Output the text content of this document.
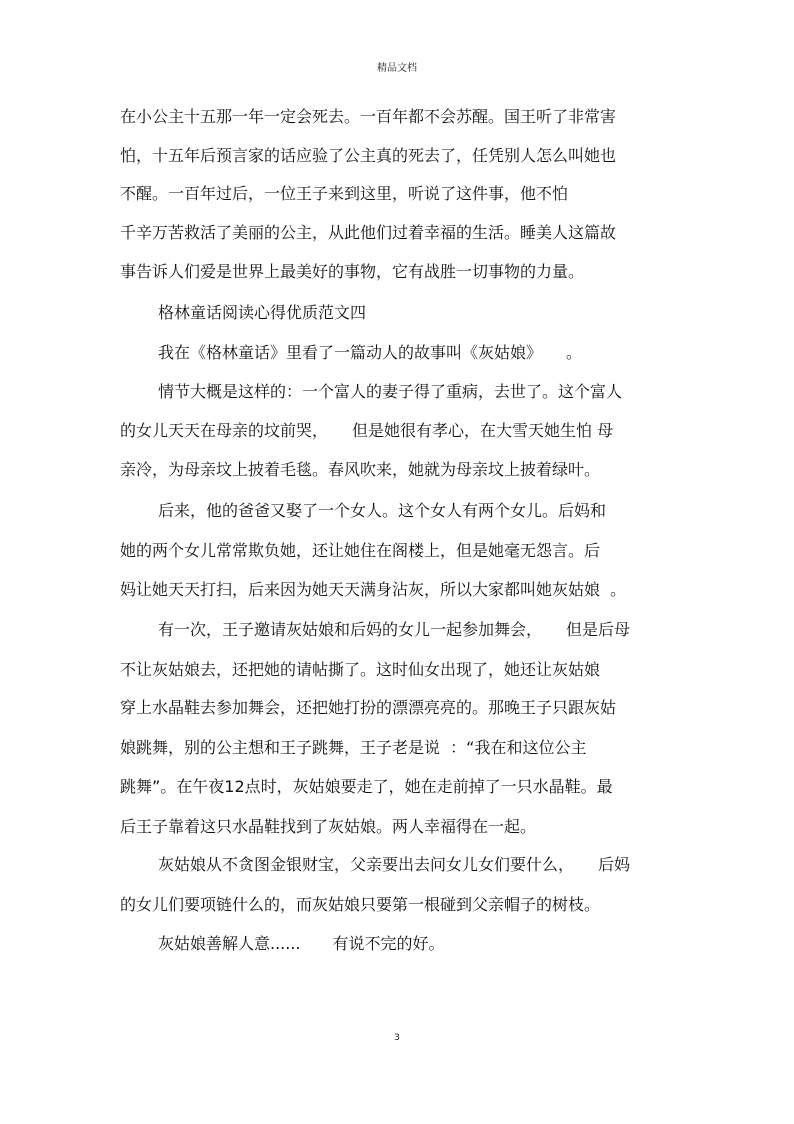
精品文档
在小公主十五那一年一定会死去。一百年都不会苏醒。国王听了非常害
怕，十五年后预言家的话应验了公主真的死去了，任凭别人怎么叫她也
不醒。一百年过后，一位王子来到这里，听说了这件事，他不怕
千辛万苦救活了美丽的公主，从此他们过着幸福的生活。睡美人这篇故
事告诉人们爱是世界上最美好的事物，它有战胜一切事物的力量。
格林童话阅读心得优质范文四
我在《格林童话》里看了一篇动人的故事叫《灰姑娘》　　。
情节大概是这样的：一个富人的妻子得了重病，去世了。这个富人
的女儿天天在母亲的坟前哭，　　但是她很有孝心，在大雪天她生怕 母
亲冷，为母亲坟上披着毛毯。春风吹来，她就为母亲坟上披着绿叶。
后来，他的爸爸又娶了一个女人。这个女人有两个女儿。后妈和
她的两个女儿常常欺负她，还让她住在阁楼上，但是她毫无怨言。后
妈让她天天打扫，后来因为她天天满身沾灰，所以大家都叫她灰姑娘  。
有一次，王子邀请灰姑娘和后妈的女儿一起参加舞会，　　但是后母
不让灰姑娘去，还把她的请帖撕了。这时仙女出现了，她还让灰姑娘
穿上水晶鞋去参加舞会，还把她打扮的漂漂亮亮的。那晚王子只跟灰姑
娘跳舞，别的公主想和王子跳舞，王子老是说  ：“我在和这位公主
跳舞”。在午夜12点时，灰姑娘要走了，她在走前掉了一只水晶鞋。最
后王子靠着这只水晶鞋找到了灰姑娘。两人幸福得在一起。
灰姑娘从不贪图金银财宝，父亲要出去问女儿女们要什么，　　后妈
的女儿们要项链什么的，而灰姑娘只要第一根碰到父亲帽子的树枝。
灰姑娘善解人意......　　有说不完的好。
3
